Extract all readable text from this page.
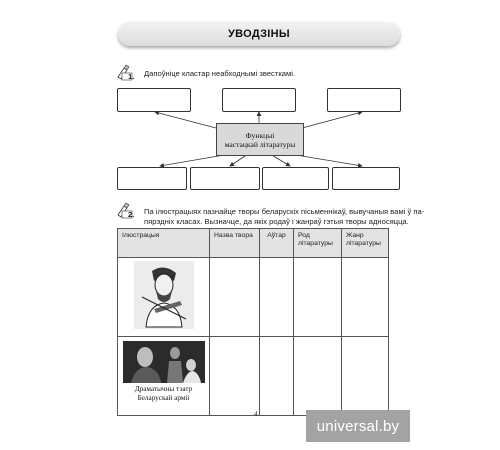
УВОДЗІНЫ
1. Дапоўніце кластар неабходнымі звесткамі.
Функцыі
мастацкай літаратуры
2. Па ілюстрацыях пазнайце творы беларускіх пісьменнікаў, вывучаныя вамі ў па-
пярэдніх класах. Вызначце, да якіх родаў і жанраў гэтыя творы адносяцца.
Ілюстрацыя	Назва твора	Аўтар	Род літаратуры	Жанр літаратуры

Драматычны тэатр
Беларускай арміі				

4
universal.by
